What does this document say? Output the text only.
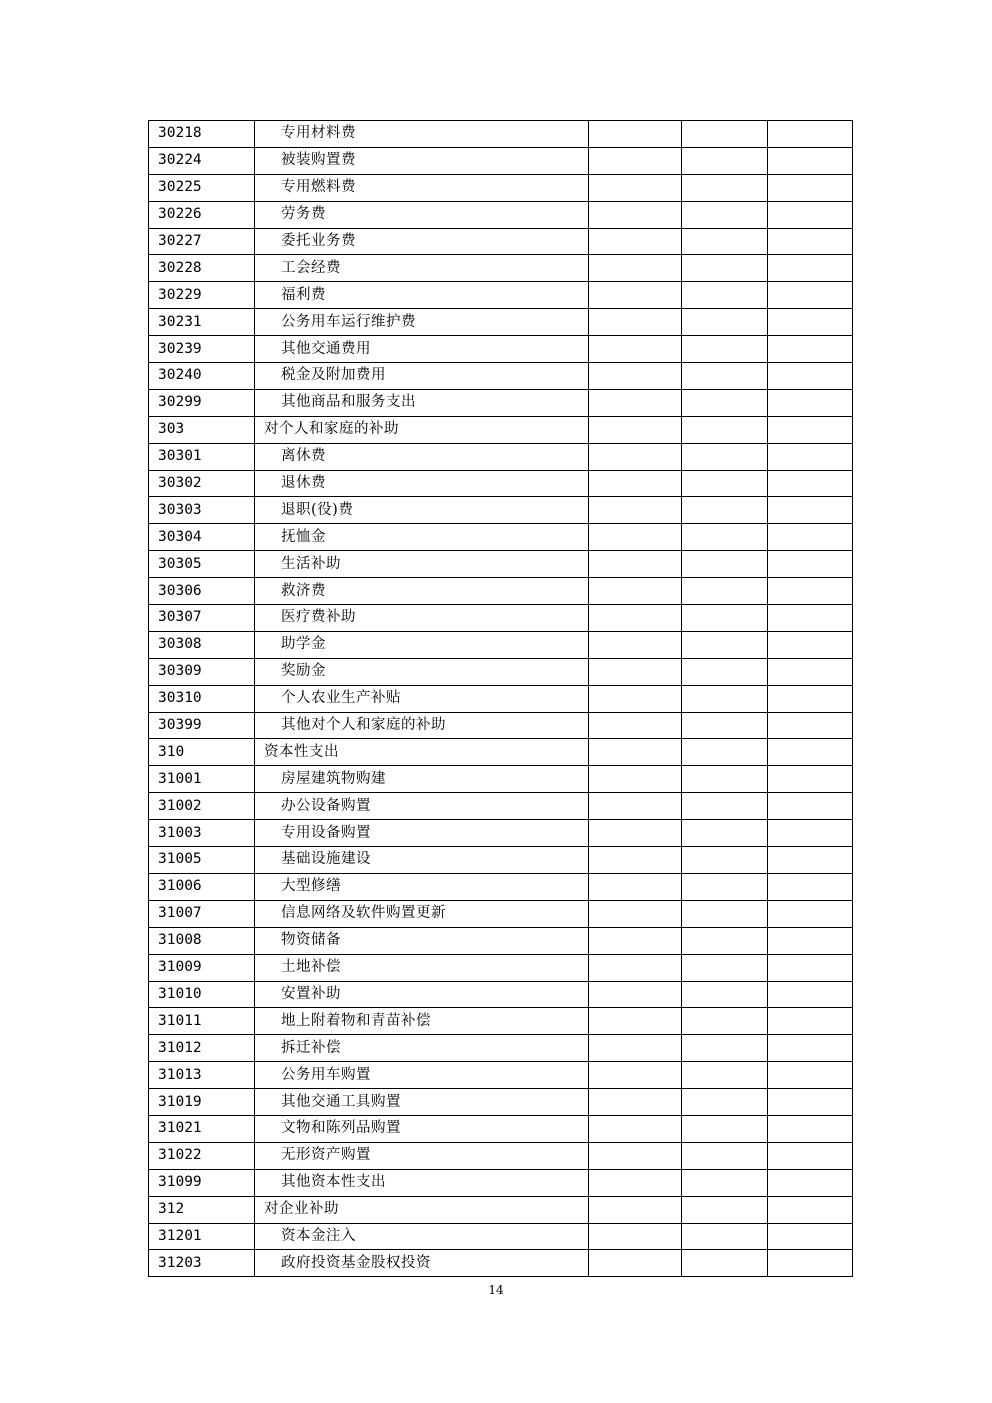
30218	专用材料费			
30224	被装购置费			
30225	专用燃料费			
30226	劳务费			
30227	委托业务费			
30228	工会经费			
30229	福利费			
30231	公务用车运行维护费			
30239	其他交通费用			
30240	税金及附加费用			
30299	其他商品和服务支出			
303	对个人和家庭的补助			
30301	离休费			
30302	退休费			
30303	退职(役)费			
30304	抚恤金			
30305	生活补助			
30306	救济费			
30307	医疗费补助			
30308	助学金			
30309	奖励金			
30310	个人农业生产补贴			
30399	其他对个人和家庭的补助			
310	资本性支出			
31001	房屋建筑物购建			
31002	办公设备购置			
31003	专用设备购置			
31005	基础设施建设			
31006	大型修缮			
31007	信息网络及软件购置更新			
31008	物资储备			
31009	土地补偿			
31010	安置补助			
31011	地上附着物和青苗补偿			
31012	拆迁补偿			
31013	公务用车购置			
31019	其他交通工具购置			
31021	文物和陈列品购置			
31022	无形资产购置			
31099	其他资本性支出			
312	对企业补助			
31201	资本金注入			
31203	政府投资基金股权投资			
14
